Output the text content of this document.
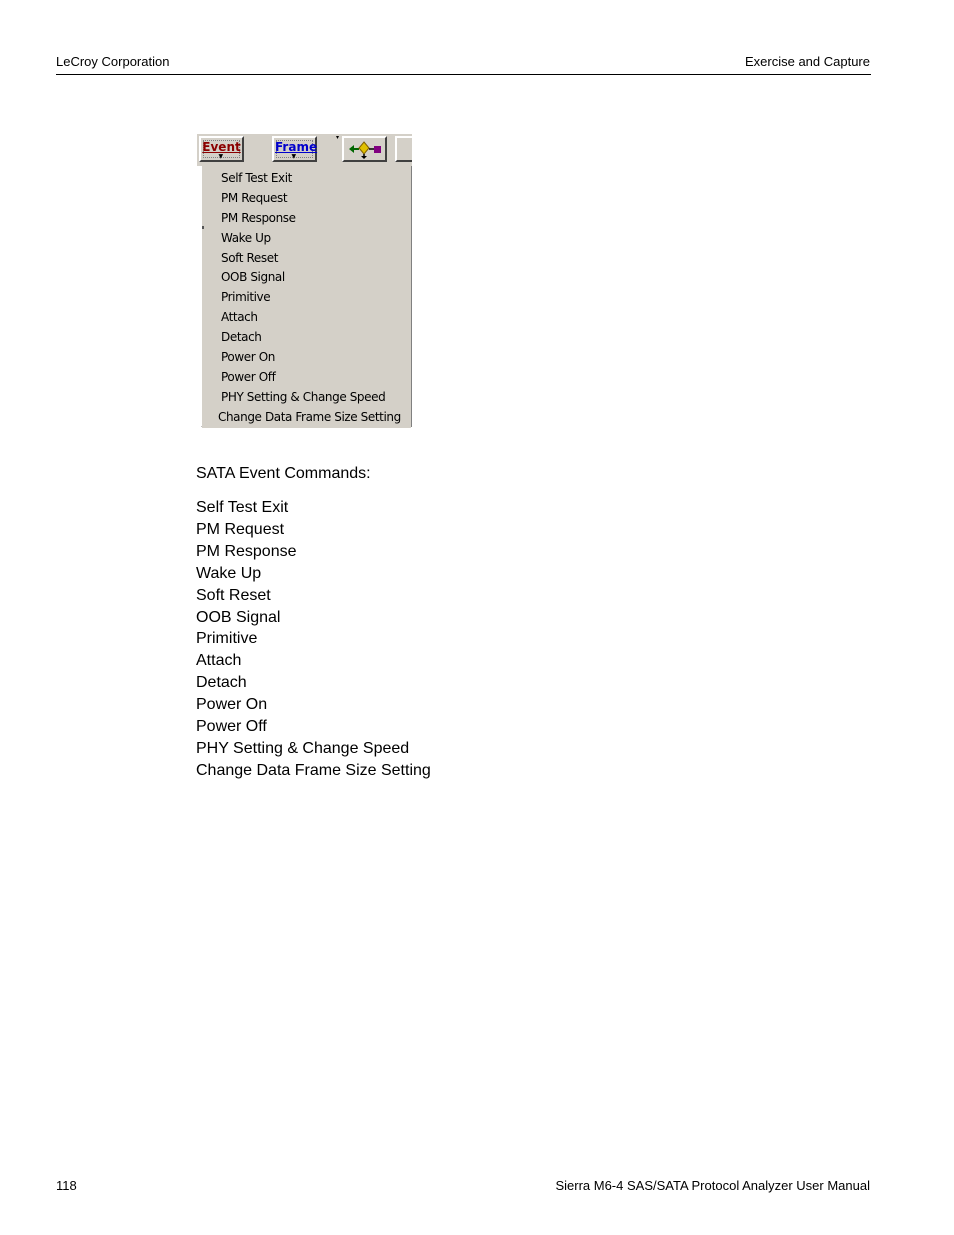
LeCroy Corporation	Exercise and Capture
Event
▼
Frame
▼
▾
Self Test Exit
PM Request
PM Response
Wake Up
Soft Reset
OOB Signal
Primitive
Attach
Detach
Power On
Power Off
PHY Setting & Change Speed
Change Data Frame Size Setting
SATA Event Commands:
Self Test Exit
PM Request
PM Response
Wake Up
Soft Reset
OOB Signal
Primitive
Attach
Detach
Power On
Power Off
PHY Setting & Change Speed
Change Data Frame Size Setting
118	Sierra M6-4 SAS/SATA Protocol Analyzer User Manual
